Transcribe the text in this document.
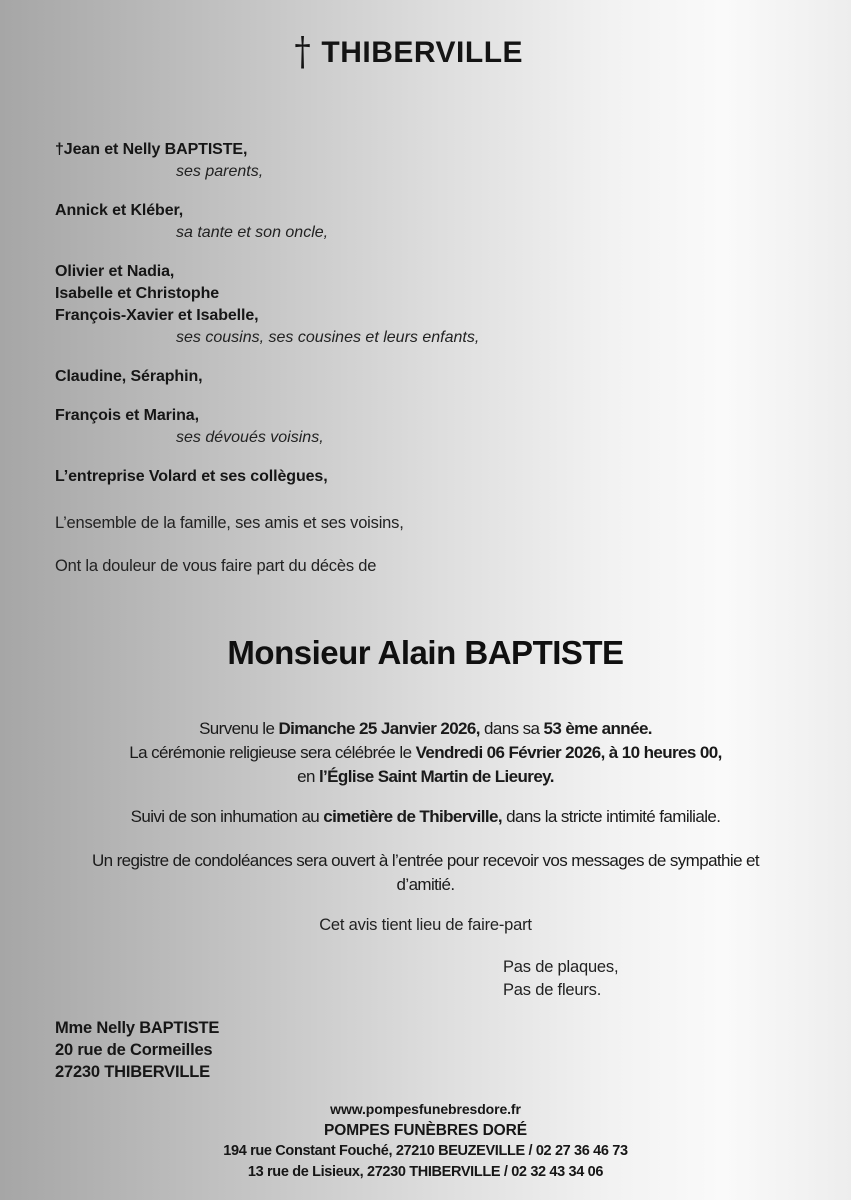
† THIBERVILLE
†Jean et Nelly BAPTISTE,
ses parents,
Annick et Kléber,
sa tante et son oncle,
Olivier et Nadia,
Isabelle et Christophe
François-Xavier et Isabelle,
ses cousins, ses cousines et leurs enfants,
Claudine, Séraphin,
François et Marina,
ses dévoués voisins,
L’entreprise Volard et ses collègues,

L’ensemble de la famille, ses amis et ses voisins,

Ont la douleur de vous faire part du décès de

Monsieur Alain BAPTISTE
Survenu le Dimanche 25 Janvier 2026, dans sa 53 ème année.
La cérémonie religieuse sera célébrée le Vendredi 06 Février 2026, à 10 heures 00,
en l’Église Saint Martin de Lieurey.
Suivi de son inhumation au cimetière de Thiberville, dans la stricte intimité familiale.
Un registre de condoléances sera ouvert à l’entrée pour recevoir vos messages de sympathie et d’amitié.
Cet avis tient lieu de faire-part
Pas de plaques,
Pas de fleurs.
Mme Nelly BAPTISTE
20 rue de Cormeilles
27230 THIBERVILLE
www.pompesfunebresdore.fr
POMPES FUNÈBRES DORÉ
194 rue Constant Fouché, 27210 BEUZEVILLE / 02 27 36 46 73
13 rue de Lisieux, 27230 THIBERVILLE / 02 32 43 34 06
